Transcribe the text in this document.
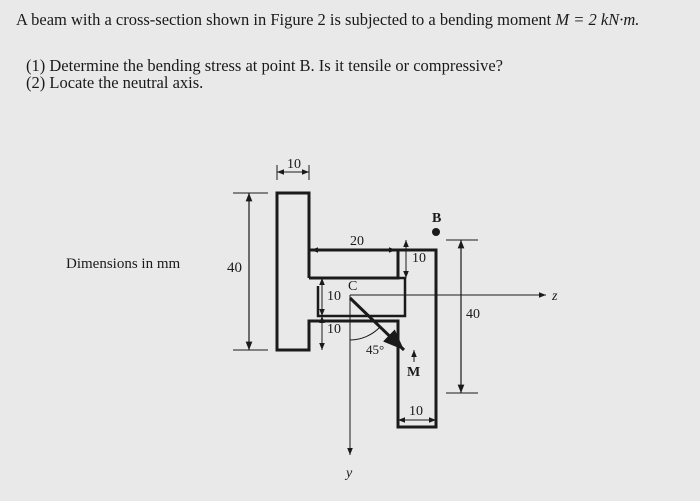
A beam with a cross-section shown in Figure 2 is subjected to a bending moment M = 2 kN·m.
(1) Determine the bending stress at point B. Is it tensile or compressive?
(2) Locate the neutral axis.
Dimensions in mm
10
40
20
10
10
10
40
10
B
C
z
y
45°
M
